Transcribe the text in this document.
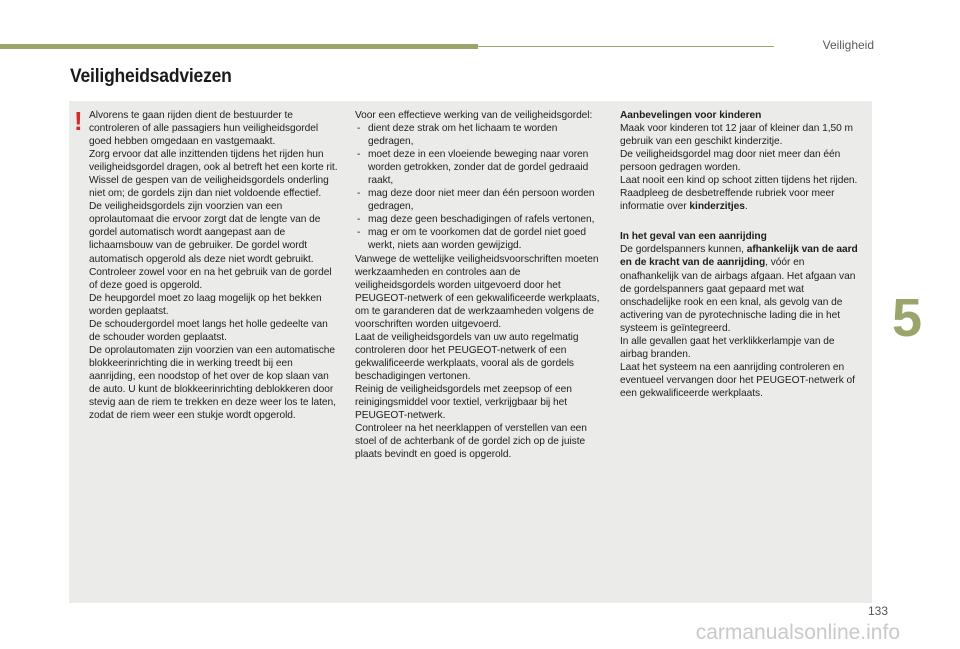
Veiligheid
Veiligheidsadviezen
! Alvorens te gaan rijden dient de bestuurder te controleren of alle passagiers hun veiligheidsgordel goed hebben omgedaan en vastgemaakt.

Zorg ervoor dat alle inzittenden tijdens het rijden hun veiligheidsgordel dragen, ook al betreft het een korte rit.

Wissel de gespen van de veiligheidsgordels onderling niet om; de gordels zijn dan niet voldoende effectief.

De veiligheidsgordels zijn voorzien van een oprolautomaat die ervoor zorgt dat de lengte van de gordel automatisch wordt aangepast aan de lichaamsbouw van de gebruiker. De gordel wordt automatisch opgerold als deze niet wordt gebruikt.

Controleer zowel voor en na het gebruik van de gordel of deze goed is opgerold.

De heupgordel moet zo laag mogelijk op het bekken worden geplaatst.

De schoudergordel moet langs het holle gedeelte van de schouder worden geplaatst.

De oprolautomaten zijn voorzien van een automatische blokkeerinrichting die in werking treedt bij een aanrijding, een noodstop of het over de kop slaan van de auto. U kunt de blokkeerinrichting deblokkeren door stevig aan de riem te trekken en deze weer los te laten, zodat de riem weer een stukje wordt opgerold.

Voor een effectieve werking van de veiligheidsgordel:

- dient deze strak om het lichaam te worden gedragen,
- moet deze in een vloeiende beweging naar voren worden getrokken, zonder dat de gordel gedraaid raakt,
- mag deze door niet meer dan één persoon worden gedragen,
- mag deze geen beschadigingen of rafels vertonen,
- mag er om te voorkomen dat de gordel niet goed werkt, niets aan worden gewijzigd.

Vanwege de wettelijke veiligheidsvoorschriften moeten werkzaamheden en controles aan de veiligheidsgordels worden uitgevoerd door het PEUGEOT-netwerk of een gekwalificeerde werkplaats, om te garanderen dat de werkzaamheden volgens de voorschriften worden uitgevoerd.

Laat de veiligheidsgordels van uw auto regelmatig controleren door het PEUGEOT-netwerk of een gekwalificeerde werkplaats, vooral als de gordels beschadigingen vertonen.

Reinig de veiligheidsgordels met zeepsop of een reinigingsmiddel voor textiel, verkrijgbaar bij het PEUGEOT-netwerk.

Controleer na het neerklappen of verstellen van een stoel of de achterbank of de gordel zich op de juiste plaats bevindt en goed is opgerold.

Aanbevelingen voor kinderen

Maak voor kinderen tot 12 jaar of kleiner dan 1,50 m gebruik van een geschikt kinderzitje.

De veiligheidsgordel mag door niet meer dan één persoon gedragen worden.

Laat nooit een kind op schoot zitten tijdens het rijden.

Raadpleeg de desbetreffende rubriek voor meer informatie over kinderzitjes.

In het geval van een aanrijding

De gordelspanners kunnen, afhankelijk van de aard en de kracht van de aanrijding, vóór en onafhankelijk van de airbags afgaan. Het afgaan van de gordelspanners gaat gepaard met wat onschadelijke rook en een knal, als gevolg van de activering van de pyrotechnische lading die in het systeem is geïntegreerd.

In alle gevallen gaat het verklikkerlampje van de airbag branden.

Laat het systeem na een aanrijding controleren en eventueel vervangen door het PEUGEOT-netwerk of een gekwalificeerde werkplaats.

5
133
carmanualsonline.info
